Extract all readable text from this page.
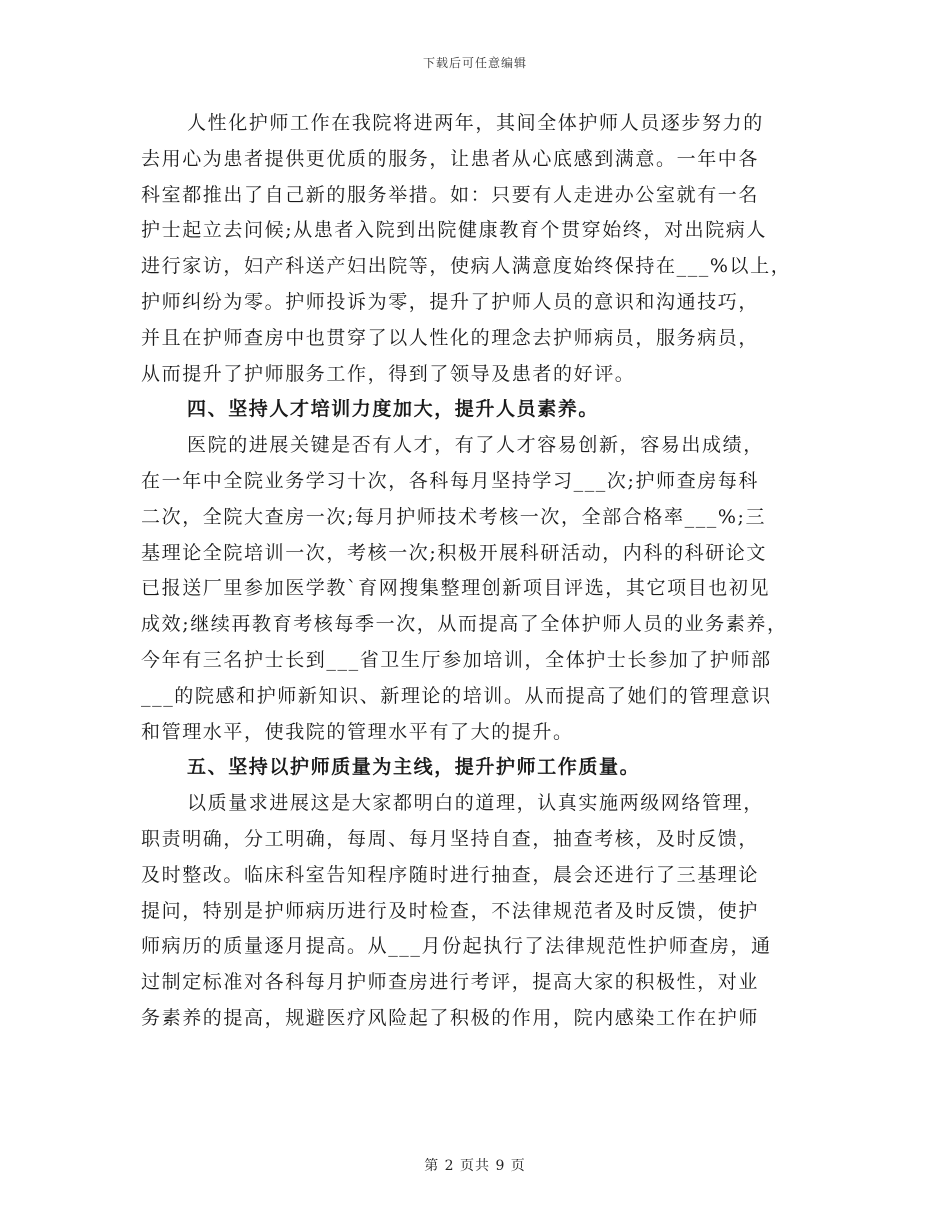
下载后可任意编辑
人性化护师工作在我院将进两年，其间全体护师人员逐步努力的
去用心为患者提供更优质的服务，让患者从心底感到满意。一年中各
科室都推出了自己新的服务举措。如：只要有人走进办公室就有一名
护士起立去问候;从患者入院到出院健康教育个贯穿始终，对出院病人
进行家访，妇产科送产妇出院等，使病人满意度始终保持在___%以上，
护师纠纷为零。护师投诉为零，提升了护师人员的意识和沟通技巧，
并且在护师查房中也贯穿了以人性化的理念去护师病员，服务病员，
从而提升了护师服务工作，得到了领导及患者的好评。
四、坚持人才培训力度加大，提升人员素养。
医院的进展关键是否有人才，有了人才容易创新，容易出成绩，
在一年中全院业务学习十次，各科每月坚持学习___次;护师查房每科
二次，全院大查房一次;每月护师技术考核一次，全部合格率___%;三
基理论全院培训一次，考核一次;积极开展科研活动，内科的科研论文
已报送厂里参加医学教`育网搜集整理创新项目评选，其它项目也初见
成效;继续再教育考核每季一次，从而提高了全体护师人员的业务素养，
今年有三名护士长到___省卫生厅参加培训，全体护士长参加了护师部
___的院感和护师新知识、新理论的培训。从而提高了她们的管理意识
和管理水平，使我院的管理水平有了大的提升。
五、坚持以护师质量为主线，提升护师工作质量。
以质量求进展这是大家都明白的道理，认真实施两级网络管理，
职责明确，分工明确，每周、每月坚持自查，抽查考核，及时反馈，
及时整改。临床科室告知程序随时进行抽查，晨会还进行了三基理论
提问，特别是护师病历进行及时检查，不法律规范者及时反馈，使护
师病历的质量逐月提高。从___月份起执行了法律规范性护师查房，通
过制定标准对各科每月护师查房进行考评，提高大家的积极性，对业
务素养的提高，规避医疗风险起了积极的作用，院内感染工作在护师
第 2 页共 9 页
